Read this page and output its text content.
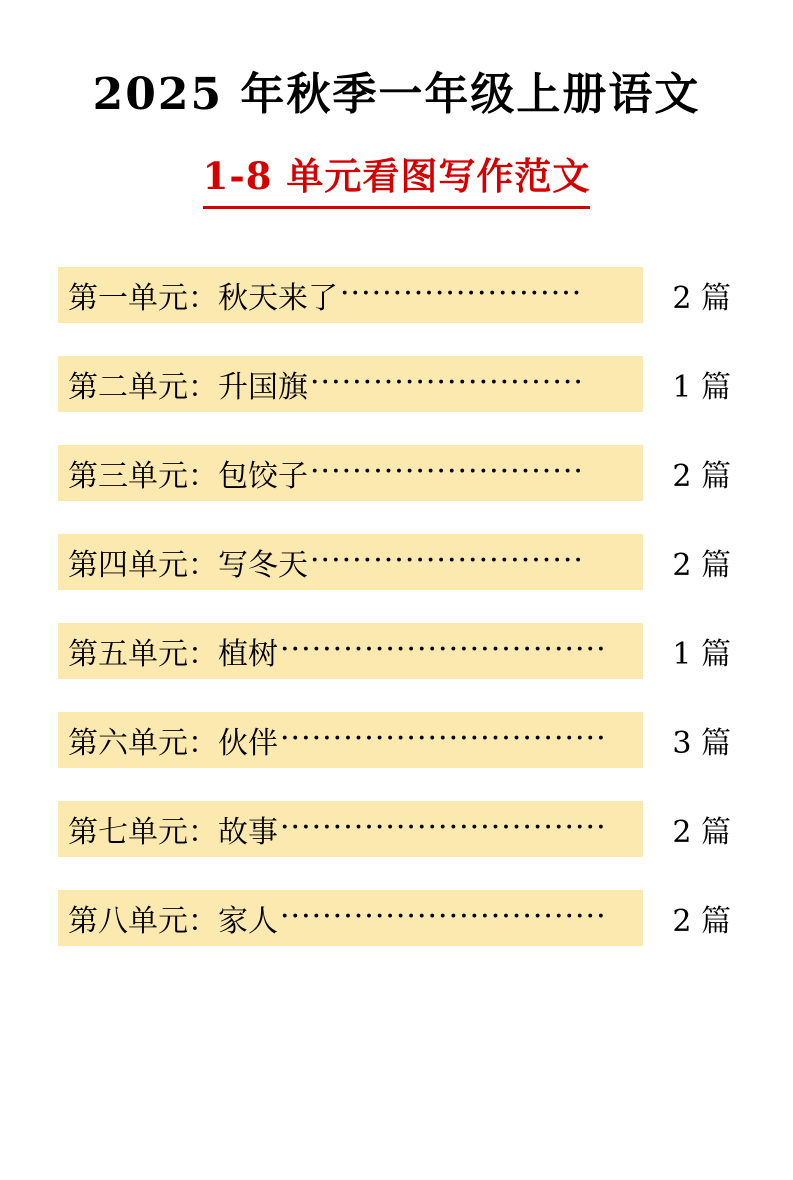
2025 年秋季一年级上册语文
1-8 单元看图写作范文
第一单元：秋天来了 ·······················	2 篇
第二单元：升国旗 ··························	1 篇
第三单元：包饺子 ··························	2 篇
第四单元：写冬天 ··························	2 篇
第五单元：植树 ·······························	1 篇
第六单元：伙伴 ·······························	3 篇
第七单元：故事 ·······························	2 篇
第八单元：家人 ·······························	2 篇
